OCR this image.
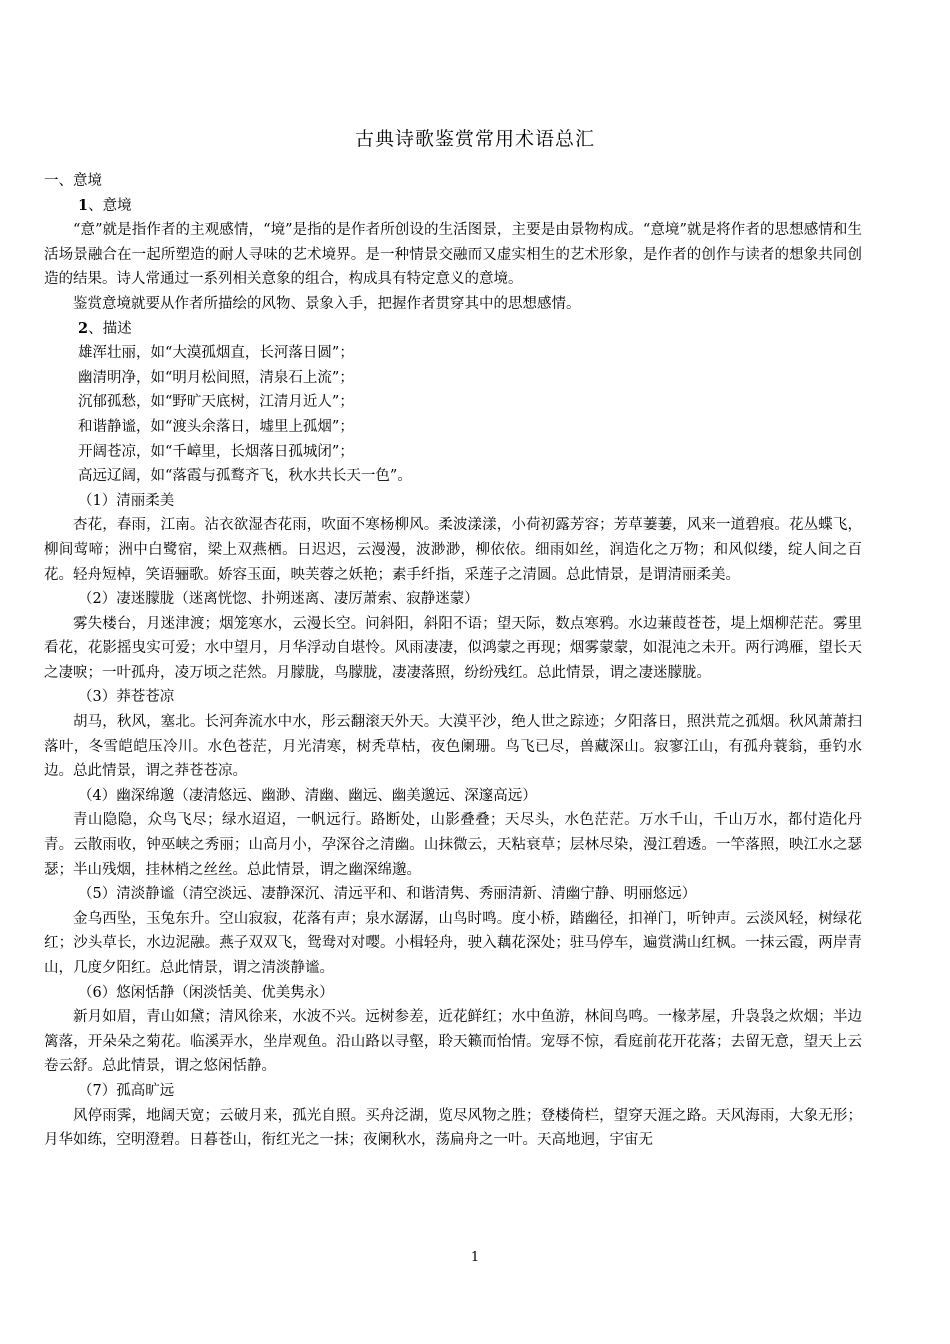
古典诗歌鉴赏常用术语总汇
一、意境
1、意境
“意”就是指作者的主观感情，“境”是指的是作者所创设的生活图景，主要是由景物构成。“意境”就是将作者的思想感情和生活场景融合在一起所塑造的耐人寻味的艺术境界。是一种情景交融而又虚实相生的艺术形象，是作者的创作与读者的想象共同创造的结果。诗人常通过一系列相关意象的组合，构成具有特定意义的意境。
鉴赏意境就要从作者所描绘的风物、景象入手，把握作者贯穿其中的思想感情。
2、描述
雄浑壮丽，如“大漠孤烟直，长河落日圆”；
幽清明净，如“明月松间照，清泉石上流”；
沉郁孤愁，如“野旷天底树，江清月近人”；
和谐静谧，如“渡头余落日，墟里上孤烟”；
开阔苍凉，如“千嶂里，长烟落日孤城闭”；
高远辽阔，如“落霞与孤鹜齐飞，秋水共长天一色”。
（1）清丽柔美
杏花，春雨，江南。沾衣欲湿杏花雨，吹面不寒杨柳风。柔波漾漾，小荷初露芳容；芳草萋萋，风来一道碧痕。花丛蝶飞，柳间莺啼；洲中白鹭宿，梁上双燕栖。日迟迟，云漫漫，波渺渺，柳依依。细雨如丝，润造化之万物；和风似缕，绽人间之百花。轻舟短棹，笑语骊歌。娇容玉面，映芙蓉之妖艳；素手纤指，采莲子之清圆。总此情景，是谓清丽柔美。
（2）凄迷朦胧（迷离恍惚、扑朔迷离、凄厉萧索、寂静迷蒙）
雾失楼台，月迷津渡；烟笼寒水，云漫长空。问斜阳，斜阳不语；望天际，数点寒鸦。水边蒹葭苍苍，堤上烟柳茫茫。雾里看花，花影摇曳实可爱；水中望月，月华浮动自堪怜。风雨凄凄，似鸿蒙之再现；烟雾蒙蒙，如混沌之未开。两行鸿雁，望长天之凄唳；一叶孤舟，凌万顷之茫然。月朦胧，鸟朦胧，凄凄落照，纷纷残红。总此情景，谓之凄迷朦胧。
（3）莽苍苍凉
胡马，秋风，塞北。长河奔流水中水，彤云翻滚天外天。大漠平沙，绝人世之踪迹；夕阳落日，照洪荒之孤烟。秋风萧萧扫落叶，冬雪皑皑压冷川。水色苍茫，月光清寒，树秃草枯，夜色阑珊。鸟飞已尽，兽藏深山。寂寥江山，有孤舟蓑翁，垂钓水边。总此情景，谓之莽苍苍凉。
（4）幽深绵邈（凄清悠远、幽渺、清幽、幽远、幽美邈远、深邃高远）
青山隐隐，众鸟飞尽；绿水迢迢，一帆远行。路断处，山影叠叠；天尽头，水色茫茫。万水千山，千山万水，都付造化丹青。云散雨收，钟巫峡之秀丽；山高月小，孕深谷之清幽。山抹微云，天粘衰草；层林尽染，漫江碧透。一竿落照，映江水之瑟瑟；半山残烟，挂林梢之丝丝。总此情景，谓之幽深绵邈。
（5）清淡静谧（清空淡远、凄静深沉、清远平和、和谐清隽、秀丽清新、清幽宁静、明丽悠远）
金乌西坠，玉兔东升。空山寂寂，花落有声；泉水潺潺，山鸟时鸣。度小桥，踏幽径，扣禅门，听钟声。云淡风轻，树绿花红；沙头草长，水边泥融。燕子双双飞，鸳鸯对对嘤。小楫轻舟，驶入藕花深处；驻马停车，遍赏满山红枫。一抹云霞，两岸青山，几度夕阳红。总此情景，谓之清淡静谧。
（6）悠闲恬静（闲淡恬美、优美隽永）
新月如眉，青山如黛；清风徐来，水波不兴。远树参差，近花鲜红；水中鱼游，林间鸟鸣。一椽茅屋，升袅袅之炊烟；半边篱落，开朵朵之菊花。临溪弄水，坐岸观鱼。沿山路以寻壑，聆天籁而怡情。宠辱不惊，看庭前花开花落；去留无意，望天上云卷云舒。总此情景，谓之悠闲恬静。
（7）孤高旷远
风停雨霁，地阔天宽；云破月来，孤光自照。买舟泛湖，览尽风物之胜；登楼倚栏，望穿天涯之路。天风海雨，大象无形；月华如练，空明澄碧。日暮苍山，衔红光之一抹；夜阑秋水，荡扁舟之一叶。天高地迥，宇宙无
1
